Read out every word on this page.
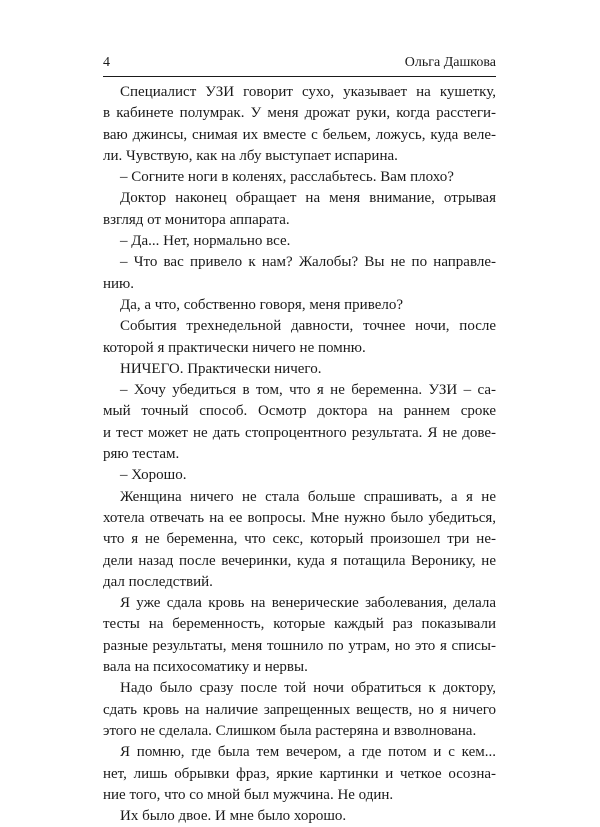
4	Ольга Дашкова
Специалист УЗИ говорит сухо, указывает на кушетку,
в кабинете полумрак. У меня дрожат руки, когда расстеги-
ваю джинсы, снимая их вместе с бельем, ложусь, куда веле-
ли. Чувствую, как на лбу выступает испарина.
– Согните ноги в коленях, расслабьтесь. Вам плохо?
Доктор наконец обращает на меня внимание, отрывая
взгляд от монитора аппарата.
– Да... Нет, нормально все.
– Что вас привело к нам? Жалобы? Вы не по направле-
нию.
Да, а что, собственно говоря, меня привело?
События трехнедельной давности, точнее ночи, после
которой я практически ничего не помню.
НИЧЕГО. Практически ничего.
– Хочу убедиться в том, что я не беременна. УЗИ – са-
мый точный способ. Осмотр доктора на раннем сроке
и тест может не дать стопроцентного результата. Я не дове-
ряю тестам.
– Хорошо.
Женщина ничего не стала больше спрашивать, а я не
хотела отвечать на ее вопросы. Мне нужно было убедиться,
что я не беременна, что секс, который произошел три не-
дели назад после вечеринки, куда я потащила Веронику, не
дал последствий.
Я уже сдала кровь на венерические заболевания, делала
тесты на беременность, которые каждый раз показывали
разные результаты, меня тошнило по утрам, но это я списы-
вала на психосоматику и нервы.
Надо было сразу после той ночи обратиться к доктору,
сдать кровь на наличие запрещенных веществ, но я ничего
этого не сделала. Слишком была растеряна и взволнована.
Я помню, где была тем вечером, а где потом и с кем...
нет, лишь обрывки фраз, яркие картинки и четкое осозна-
ние того, что со мной был мужчина. Не один.
Их было двое. И мне было хорошо.
